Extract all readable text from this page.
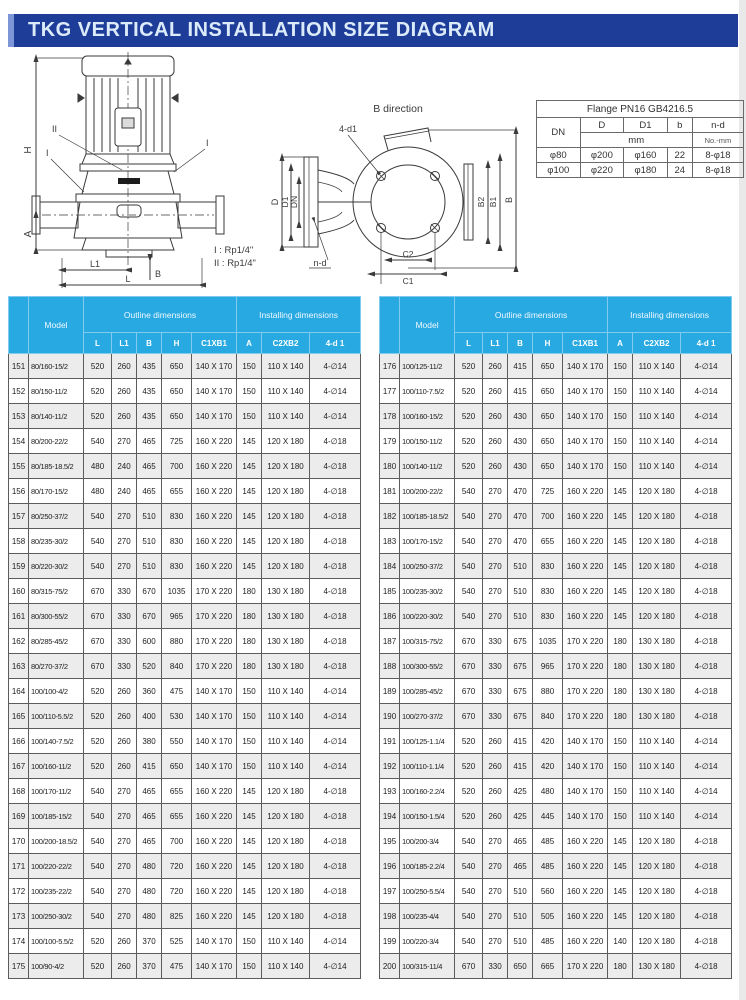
TKG VERTICAL INSTALLATION SIZE DIAGRAM
H
A
II
I
I
L1
L	B
I : Rp1/4"
II : Rp1/4"
B direction
4-d1
n-d
D D1 DN	B2 B1 B
C2
C1
Flange PN16 GB4216.5				
DN	D	D1	b	n-d
	mm			No.-mm
φ80	φ200	φ160	22	8-φ18
φ100	φ220	φ180	24	8-φ18
	Model	Outline dimensions					Installing dimensions		
		L	L1	B	H	C1XB1	A	C2XB2	4-d 1
151	80/160-15/2	520	260	435	650	140 X 170	150	110 X 140	4-∅14
152	80/150-11/2	520	260	435	650	140 X 170	150	110 X 140	4-∅14
153	80/140-11/2	520	260	435	650	140 X 170	150	110 X 140	4-∅14
154	80/200-22/2	540	270	465	725	160 X 220	145	120 X 180	4-∅18
155	80/185-18.5/2	480	240	465	700	160 X 220	145	120 X 180	4-∅18
156	80/170-15/2	480	240	465	655	160 X 220	145	120 X 180	4-∅18
157	80/250-37/2	540	270	510	830	160 X 220	145	120 X 180	4-∅18
158	80/235-30/2	540	270	510	830	160 X 220	145	120 X 180	4-∅18
159	80/220-30/2	540	270	510	830	160 X 220	145	120 X 180	4-∅18
160	80/315-75/2	670	330	670	1035	170 X 220	180	130 X 180	4-∅18
161	80/300-55/2	670	330	670	965	170 X 220	180	130 X 180	4-∅18
162	80/285-45/2	670	330	600	880	170 X 220	180	130 X 180	4-∅18
163	80/270-37/2	670	330	520	840	170 X 220	180	130 X 180	4-∅18
164	100/100-4/2	520	260	360	475	140 X 170	150	110 X 140	4-∅14
165	100/110-5.5/2	520	260	400	530	140 X 170	150	110 X 140	4-∅14
166	100/140-7.5/2	520	260	380	550	140 X 170	150	110 X 140	4-∅14
167	100/160-11/2	520	260	415	650	140 X 170	150	110 X 140	4-∅14
168	100/170-11/2	540	270	465	655	160 X 220	145	120 X 180	4-∅18
169	100/185-15/2	540	270	465	655	160 X 220	145	120 X 180	4-∅18
170	100/200-18.5/2	540	270	465	700	160 X 220	145	120 X 180	4-∅18
171	100/220-22/2	540	270	480	720	160 X 220	145	120 X 180	4-∅18
172	100/235-22/2	540	270	480	720	160 X 220	145	120 X 180	4-∅18
173	100/250-30/2	540	270	480	825	160 X 220	145	120 X 180	4-∅18
174	100/100-5.5/2	520	260	370	525	140 X 170	150	110 X 140	4-∅14
175	100/90-4/2	520	260	370	475	140 X 170	150	110 X 140	4-∅14
	Model	Outline dimensions					Installing dimensions		
		L	L1	B	H	C1XB1	A	C2XB2	4-d 1
176	100/125-11/2	520	260	415	650	140 X 170	150	110 X 140	4-∅14
177	100/110-7.5/2	520	260	415	650	140 X 170	150	110 X 140	4-∅14
178	100/160-15/2	520	260	430	650	140 X 170	150	110 X 140	4-∅14
179	100/150-11/2	520	260	430	650	140 X 170	150	110 X 140	4-∅14
180	100/140-11/2	520	260	430	650	140 X 170	150	110 X 140	4-∅14
181	100/200-22/2	540	270	470	725	160 X 220	145	120 X 180	4-∅18
182	100/185-18.5/2	540	270	470	700	160 X 220	145	120 X 180	4-∅18
183	100/170-15/2	540	270	470	655	160 X 220	145	120 X 180	4-∅18
184	100/250-37/2	540	270	510	830	160 X 220	145	120 X 180	4-∅18
185	100/235-30/2	540	270	510	830	160 X 220	145	120 X 180	4-∅18
186	100/220-30/2	540	270	510	830	160 X 220	145	120 X 180	4-∅18
187	100/315-75/2	670	330	675	1035	170 X 220	180	130 X 180	4-∅18
188	100/300-55/2	670	330	675	965	170 X 220	180	130 X 180	4-∅18
189	100/285-45/2	670	330	675	880	170 X 220	180	130 X 180	4-∅18
190	100/270-37/2	670	330	675	840	170 X 220	180	130 X 180	4-∅18
191	100/125-1.1/4	520	260	415	420	140 X 170	150	110 X 140	4-∅14
192	100/110-1.1/4	520	260	415	420	140 X 170	150	110 X 140	4-∅14
193	100/160-2.2/4	520	260	425	480	140 X 170	150	110 X 140	4-∅14
194	100/150-1.5/4	520	260	425	445	140 X 170	150	110 X 140	4-∅14
195	100/200-3/4	540	270	465	485	160 X 220	145	120 X 180	4-∅18
196	100/185-2.2/4	540	270	465	485	160 X 220	145	120 X 180	4-∅18
197	100/250-5.5/4	540	270	510	560	160 X 220	145	120 X 180	4-∅18
198	100/235-4/4	540	270	510	505	160 X 220	145	120 X 180	4-∅18
199	100/220-3/4	540	270	510	485	160 X 220	140	120 X 180	4-∅18
200	100/315-11/4	670	330	650	665	170 X 220	180	130 X 180	4-∅18
